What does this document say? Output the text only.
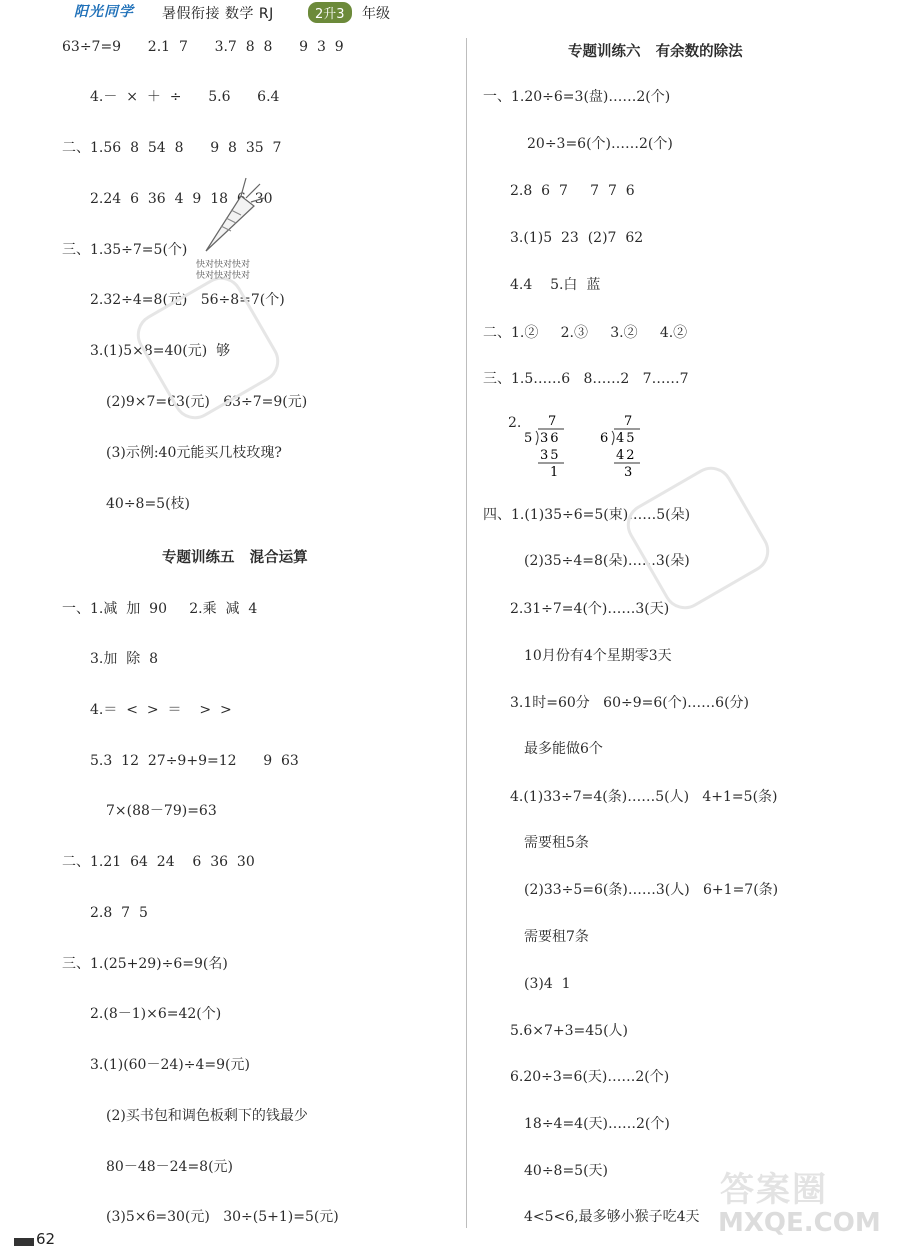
阳光同学 暑假衔接 数学 RJ	2升3	年级
63÷7=9      2.1  7      3.7  8  8      9  3  9
4.－  ×  ＋  ÷      5.6      6.4
二、1.56  8  54  8      9  8  35  7
2.24  6  36  4  9  18  6  30
三、1.35÷7=5(个)
2.32÷4=8(元)   56÷8=7(个)
3.(1)5×8=40(元)  够
(2)9×7=63(元)   63÷7=9(元)
(3)示例:40元能买几枝玫瑰?
40÷8=5(枝)
专题训练五   混合运算
一、1.减  加  90     2.乘  减  4
3.加  除  8
4.＝  <  >  ＝    >  >
5.3  12  27÷9+9=12      9  63
7×(88－79)=63
二、1.21  64  24    6  36  30
2.8  7  5
三、1.(25+29)÷6=9(名)
2.(8－1)×6=42(个)
3.(1)(60－24)÷4=9(元)
(2)买书包和调色板剩下的钱最少
80－48－24=8(元)
(3)5×6=30(元)   30÷(5+1)=5(元)
专题训练六   有余数的除法
一、1.20÷6=3(盘)……2(个)
20÷3=6(个)……2(个)
2.8  6  7     7  7  6
3.(1)5  23  (2)7  62
4.4    5.白  蓝
二、1.②     2.③     3.②     4.②
三、1.5……6   8……2   7……7
2. 7
5 36
35
1
7
6 45
42
3
四、1.(1)35÷6=5(束)……5(朵)
(2)35÷4=8(朵)……3(朵)
2.31÷7=4(个)……3(天)
10月份有4个星期零3天
3.1时=60分   60÷9=6(个)……6(分)
最多能做6个
4.(1)33÷7=4(条)……5(人)   4+1=5(条)
需要租5条
(2)33÷5=6(条)……3(人)   6+1=7(条)
需要租7条
(3)4  1
5.6×7+3=45(人)
6.20÷3=6(天)……2(个)
18÷4=4(天)……2(个)
40÷8=5(天)
4<5<6,最多够小猴子吃4天
快对快对快对
快对快对快对
答案圈
MXQE.COM
62
